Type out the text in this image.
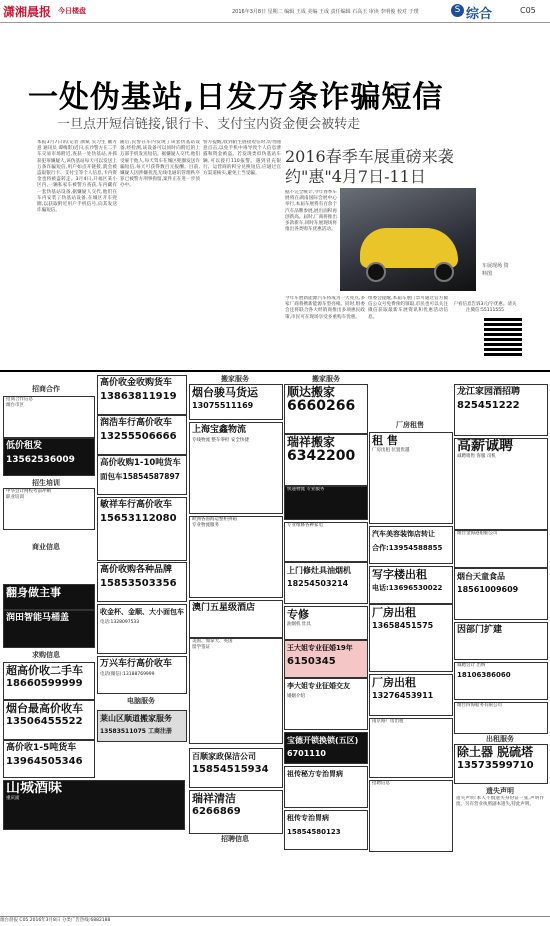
潇湘晨报 今日楼盘	2016年3月8日 星期二 编辑 王成 美编 王成 责任编辑 石高玉 审读 李明俊 校对 于璞	S 综合	C05
一处伪基站,日发万条诈骗短信
一旦点开短信链接,银行卡、支付宝内资金便会被转走
本报3月7日讯(记者 颜斌 实习生 戴方意 通讯员 谭梅影)近日,长沙警方在二手车交易市场附近,查获一处伪基站,并抓获犯罪嫌疑人,该伪基站每天可以发送上万条诈骗短信,用户如点开链接,就会被盗取银行卡、支付宝等个人信息,卡内资金也将被盗转走。3月4日,开福区某小区内,一辆私家车被警方查获,车内藏有一套伪基站设备,据嫌疑人交代,他们在车内安装了伪基站设备,在城区开车兜圈,以获取附近用户手机信号,向其发送诈骗短信。
随后,民警在车内发现了该套伪基站设备,经检测,该设备可以同时向附近的上万部手机发送短信。据嫌疑人交代,他们受雇于他人,每天驾车在城区兜圈发送诈骗短信,每天可获得数百元报酬。目前,嫌疑人因涉嫌扰乱无线电通讯管理秩序罪已被警方刑事拘留,案件正在进一步侦办中。
警方提醒,收到陌生链接短信时,切勿随意点击,以免手机中毒导致个人信息泄露和资金被盗。若发现类似伪基站车辆,可以拨打110报警。遇到冒充银行、运营商的积分兑换短信,应通过官方渠道核实,避免上当受骗。
2016春季车展重磅来袭
约"惠"4月7日-11日
据不完全统计,今年春季车展将在湖南国际会展中心举行,本届车展将有百余个汽车品牌参展,展出面积再创新高。届时,厂商将推出多款新车,同时车展现场将推出各类购车优惠活动。
车展现场 资料图
今年车展新能源汽车将成为一大亮点,多家厂商将携新能源车型亮相。同时,组委会还将联合各大经销商推出多项惠民政策,市民可在现场享受多重购车优惠。
组委会提醒,本届车展门票可通过官方微信公众号免费预约领取,市民也可以关注微信获取最新车展资讯和优惠活动信息。
户看信息告诉3元/字优惠。请关注微信:55111555
招商合作
招商合作信息
烟台市区
低价租发
13562536009
招生培训
中华会计网校考前冲刺
职业培训
商业信息
翻身做主事
润田智能马桶盖
求购信息
超高价收二手车
18660599999
烟台最高价收车
13506455522
高价收1-5吨货车
13964505346
山城酒味
重庆面
高价收金收购货车
13863811919
润浩车行高价收车
13255506666
高价收购1-10吨货车
面包车15854587897
敏祥车行高价收车
15653112080
高价收购各种品牌
15853503356
收金杯、金顺、大小面包车
电话:1328097533
万兴车行高价收车
电话(微信):13188769999
电脑服务
莱山区顺道搬家服务
13583511075 工商注册
搬家服务
烟台骏马货运
13075511169
上海宝鑫物流
专线物流 整车零担 安全快捷
欧洲各国海运整柜拼箱
专业物流服务
澳门五星级酒店
美国、加拿大、英国
留学签证
百顺家政保洁公司
15854515934
瑞祥清洁
6266869
招聘信息
搬家服务
顺达搬家
6660266
瑞祥搬家
6342200
快递物流 专业服务
专业维修各种家电
上门修灶具油烟机
18254503214
专修
油烟机 灶具
王大姐专业征婚19年
6150345
李大姐专业征婚交友
婚姻介绍
宝德开锁换锁(五区)
6701110
祖传秘方专治胃病
租传专治胃病
15854580123
厂房租售
租 售
厂房出租 位置优越
汽车美容装饰店转让
合作:13954588855
写字楼出租
电话:13696530022
厂房出租
13658451575
厂房出租
13276453911
南京路厂房出租
招聘信息
龙江家园酒招聘
825451222
高薪诚聘
诚聘销售 客服 司机
烟台金海港船舶公司
烟台天童食品
18561009609
因部门扩建
诚聘会计 出纳
18106386060
烟台四海船务有限公司
出租服务
除土器 脱硫塔
13573599710
遗失声明
遗失声明:本人不慎遗失身份证一张,声明作废。另有营业执照副本遗失,特此声明。
烟台晨报 C05 2016年3月8日 分类广告热线:6882188
